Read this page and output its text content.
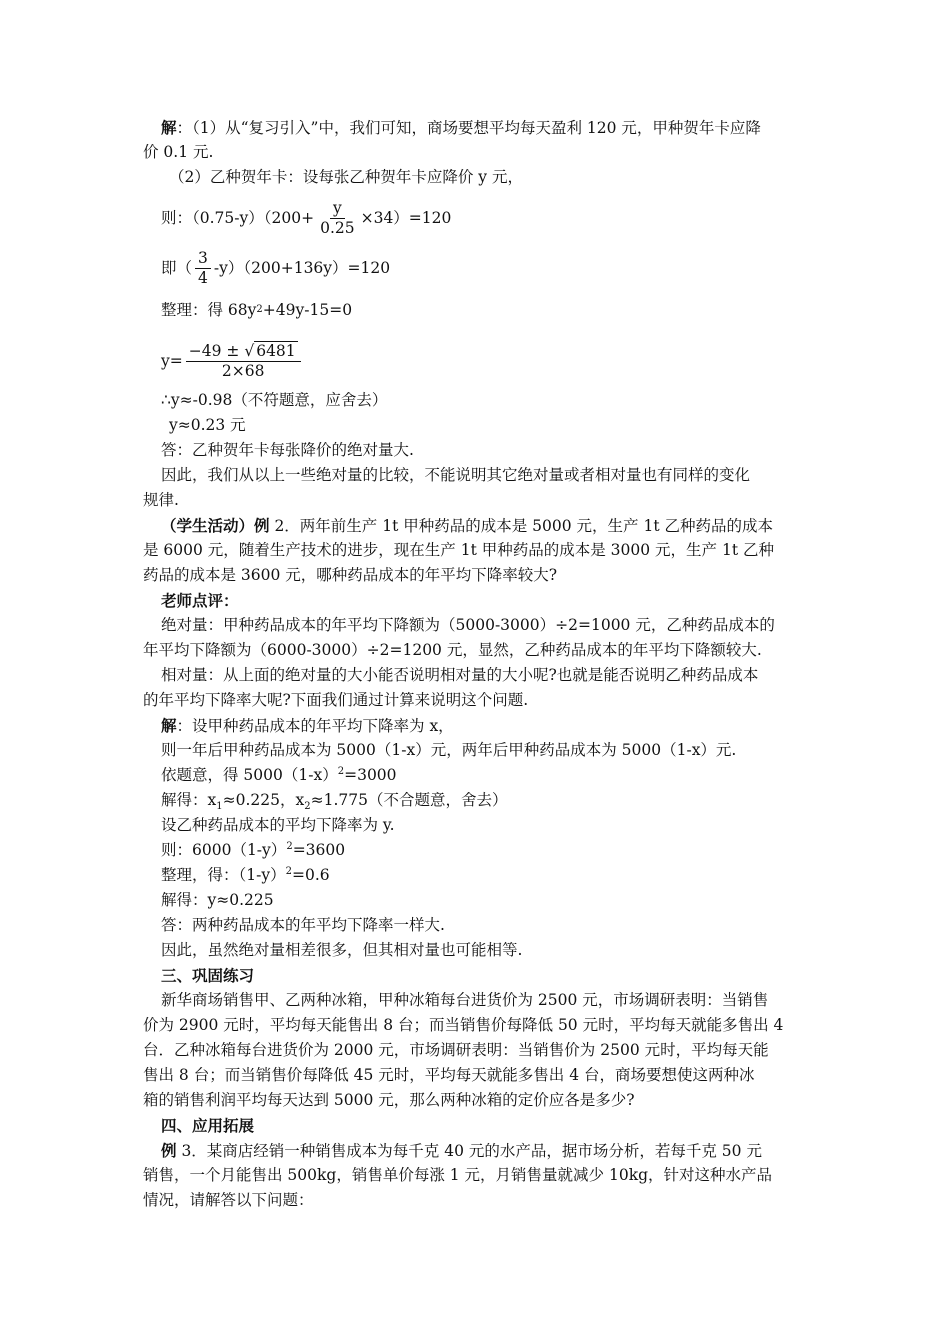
解：（1）从“复习引入”中，我们可知，商场要想平均每天盈利 120 元，甲种贺年卡应降
价 0.1 元.
（2）乙种贺年卡：设每张乙种贺年卡应降价 y 元，
则：$(0.75-y)(200+ \frac{y}{0.25} \times 34)=120$
即（ $\frac{3}{4} -y)(200+136y)=120$
整理：得 68y 2 +49y-15=0
$y= \frac{-49 \pm √ 6481}{2\times 68}$
∴y≈-0.98（不符题意，应舍去）
y≈0.23 元
答：乙种贺年卡每张降价的绝对量大.
因此，我们从以上一些绝对量的比较，不能说明其它绝对量或者相对量也有同样的变化
规律.
（学生活动）例 2．两年前生产 1t 甲种药品的成本是 5000 元，生产 1t 乙种药品的成本
是 6000 元，随着生产技术的进步，现在生产 1t 甲种药品的成本是 3000 元，生产 1t 乙种
药品的成本是 3600 元，哪种药品成本的年平均下降率较大?
老师点评：
绝对量：甲种药品成本的年平均下降额为（5000-3000）÷2=1000 元，乙种药品成本的
年平均下降额为（6000-3000）÷2=1200 元，显然，乙种药品成本的年平均下降额较大.
相对量：从上面的绝对量的大小能否说明相对量的大小呢?也就是能否说明乙种药品成本
的年平均下降率大呢?下面我们通过计算来说明这个问题.
解：设甲种药品成本的年平均下降率为 x，
则一年后甲种药品成本为 5000（1-x）元，两年后甲种药品成本为 5000（1-x）元.
依题意，得 $5000(1-x)^2=3000$
解得：$x_1\approx 0.225$，$x_2\approx 1.775$（不合题意，舍去）
设乙种药品成本的平均下降率为 y.
则：$6000(1-y)^2=3600$
整理，得：$(1-y)^2=0.6$
解得：y≈0.225
答：两种药品成本的年平均下降率一样大.
因此，虽然绝对量相差很多，但其相对量也可能相等.
三、巩固练习
新华商场销售甲、乙两种冰箱，甲种冰箱每台进货价为 2500 元，市场调研表明：当销售
价为 2900 元时，平均每天能售出 8 台；而当销售价每降低 50 元时，平均每天就能多售出 4
台．乙种冰箱每台进货价为 2000 元，市场调研表明：当销售价为 2500 元时，平均每天能
售出 8 台；而当销售价每降低 45 元时，平均每天就能多售出 4 台，商场要想使这两种冰
箱的销售利润平均每天达到 5000 元，那么两种冰箱的定价应各是多少?
四、应用拓展
例 3．某商店经销一种销售成本为每千克 40 元的水产品，据市场分析，若每千克 50 元
销售，一个月能售出 500kg，销售单价每涨 1 元，月销售量就减少 10kg，针对这种水产品
情况，请解答以下问题：
